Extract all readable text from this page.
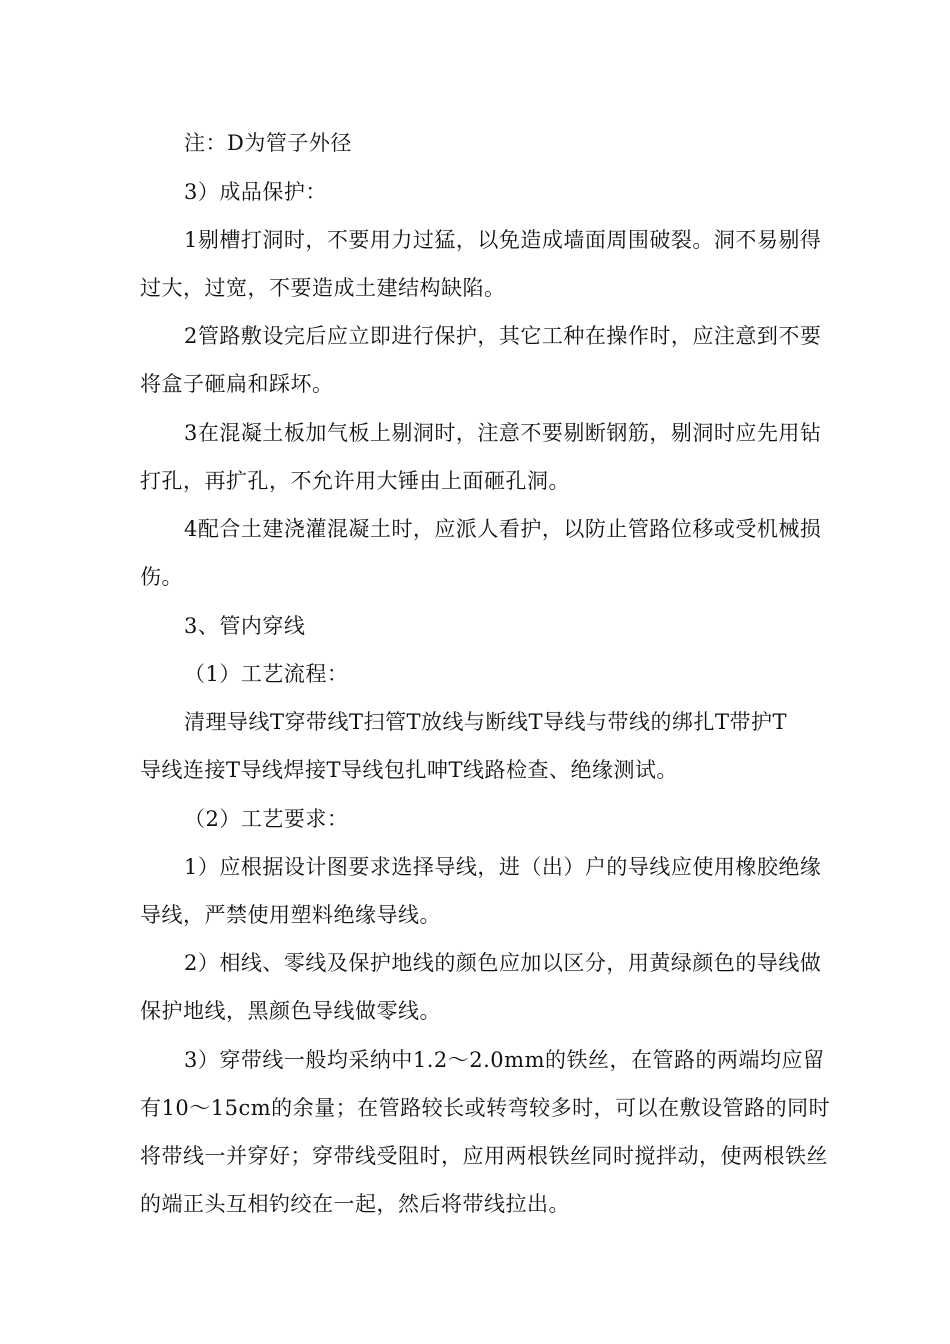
注：D为管子外径
3）成品保护：
1剔槽打洞时，不要用力过猛，以免造成墙面周围破裂。洞不易剔得
过大，过宽，不要造成土建结构缺陷。
2管路敷设完后应立即进行保护，其它工种在操作时，应注意到不要
将盒子砸扁和踩坏。
3在混凝土板加气板上剔洞时，注意不要剔断钢筋，剔洞时应先用钻
打孔，再扩孔，不允许用大锤由上面砸孔洞。
4配合土建浇灌混凝土时，应派人看护，以防止管路位移或受机械损
伤。
3、管内穿线
（1）工艺流程：
清理导线T穿带线T扫管T放线与断线T导线与带线的绑扎T带护T
导线连接T导线焊接T导线包扎呻T线路检查、绝缘测试。
（2）工艺要求：
1）应根据设计图要求选择导线，进（出）户的导线应使用橡胶绝缘
导线，严禁使用塑料绝缘导线。
2）相线、零线及保护地线的颜色应加以区分，用黄绿颜色的导线做
保护地线，黑颜色导线做零线。
3）穿带线一般均采纳中1.2〜2.0mm的铁丝，在管路的两端均应留
有10〜15cm的余量；在管路较长或转弯较多时，可以在敷设管路的同时
将带线一并穿好；穿带线受阻时，应用两根铁丝同时搅拌动，使两根铁丝
的端正头互相钓绞在一起，然后将带线拉出。
